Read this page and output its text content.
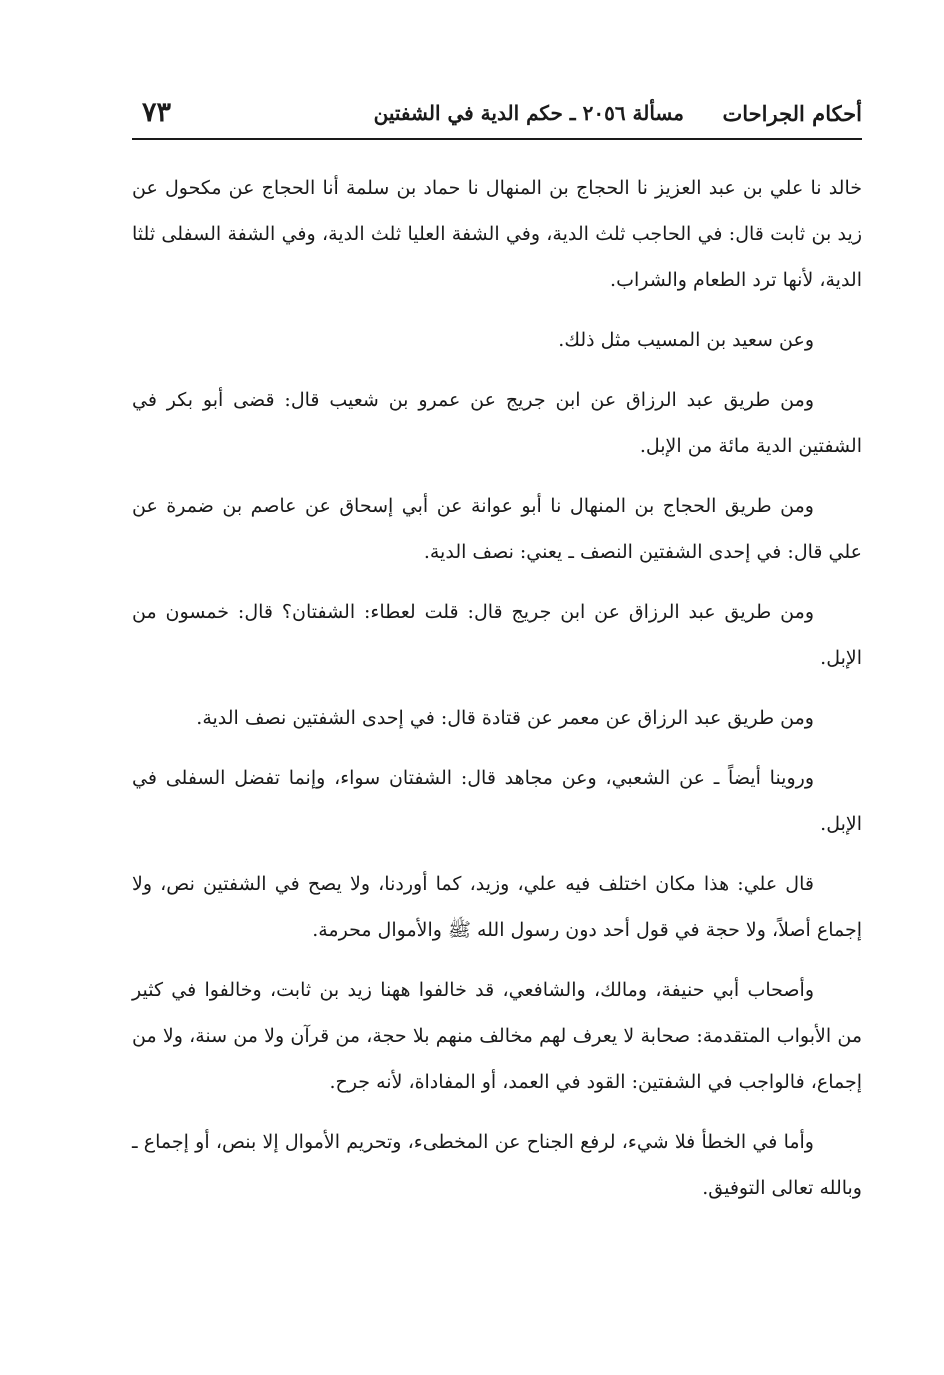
أحكام الجراحات
مسألة ٢٠٥٦ ـ حكم الدية في الشفتين
٧٣

خالد نا علي بن عبد العزيز نا الحجاج بن المنهال نا حماد بن سلمة أنا الحجاج عن مكحول عن زيد بن ثابت قال: في الحاجب ثلث الدية، وفي الشفة العليا ثلث الدية، وفي الشفة السفلى ثلثا الدية، لأنها ترد الطعام والشراب.

وعن سعيد بن المسيب مثل ذلك.

ومن طريق عبد الرزاق عن ابن جريج عن عمرو بن شعيب قال: قضى أبو بكر في الشفتين الدية مائة من الإبل.

ومن طريق الحجاج بن المنهال نا أبو عوانة عن أبي إسحاق عن عاصم بن ضمرة عن علي قال: في إحدى الشفتين النصف ـ يعني: نصف الدية.

ومن طريق عبد الرزاق عن ابن جريج قال: قلت لعطاء: الشفتان؟ قال: خمسون من الإبل.

ومن طريق عبد الرزاق عن معمر عن قتادة قال: في إحدى الشفتين نصف الدية.

وروينا أيضاً ـ عن الشعبي، وعن مجاهد قال: الشفتان سواء، وإنما تفضل السفلى في الإبل.

قال علي: هذا مكان اختلف فيه علي، وزيد، كما أوردنا، ولا يصح في الشفتين نص، ولا إجماع أصلاً، ولا حجة في قول أحد دون رسول الله ﷺ والأموال محرمة.

وأصحاب أبي حنيفة، ومالك، والشافعي، قد خالفوا ههنا زيد بن ثابت، وخالفوا في كثير من الأبواب المتقدمة: صحابة لا يعرف لهم مخالف منهم بلا حجة، من قرآن ولا من سنة، ولا من إجماع، فالواجب في الشفتين: القود في العمد، أو المفاداة، لأنه جرح.

وأما في الخطأ فلا شيء، لرفع الجناح عن المخطىء، وتحريم الأموال إلا بنص، أو إجماع ـ وبالله تعالى التوفيق.
